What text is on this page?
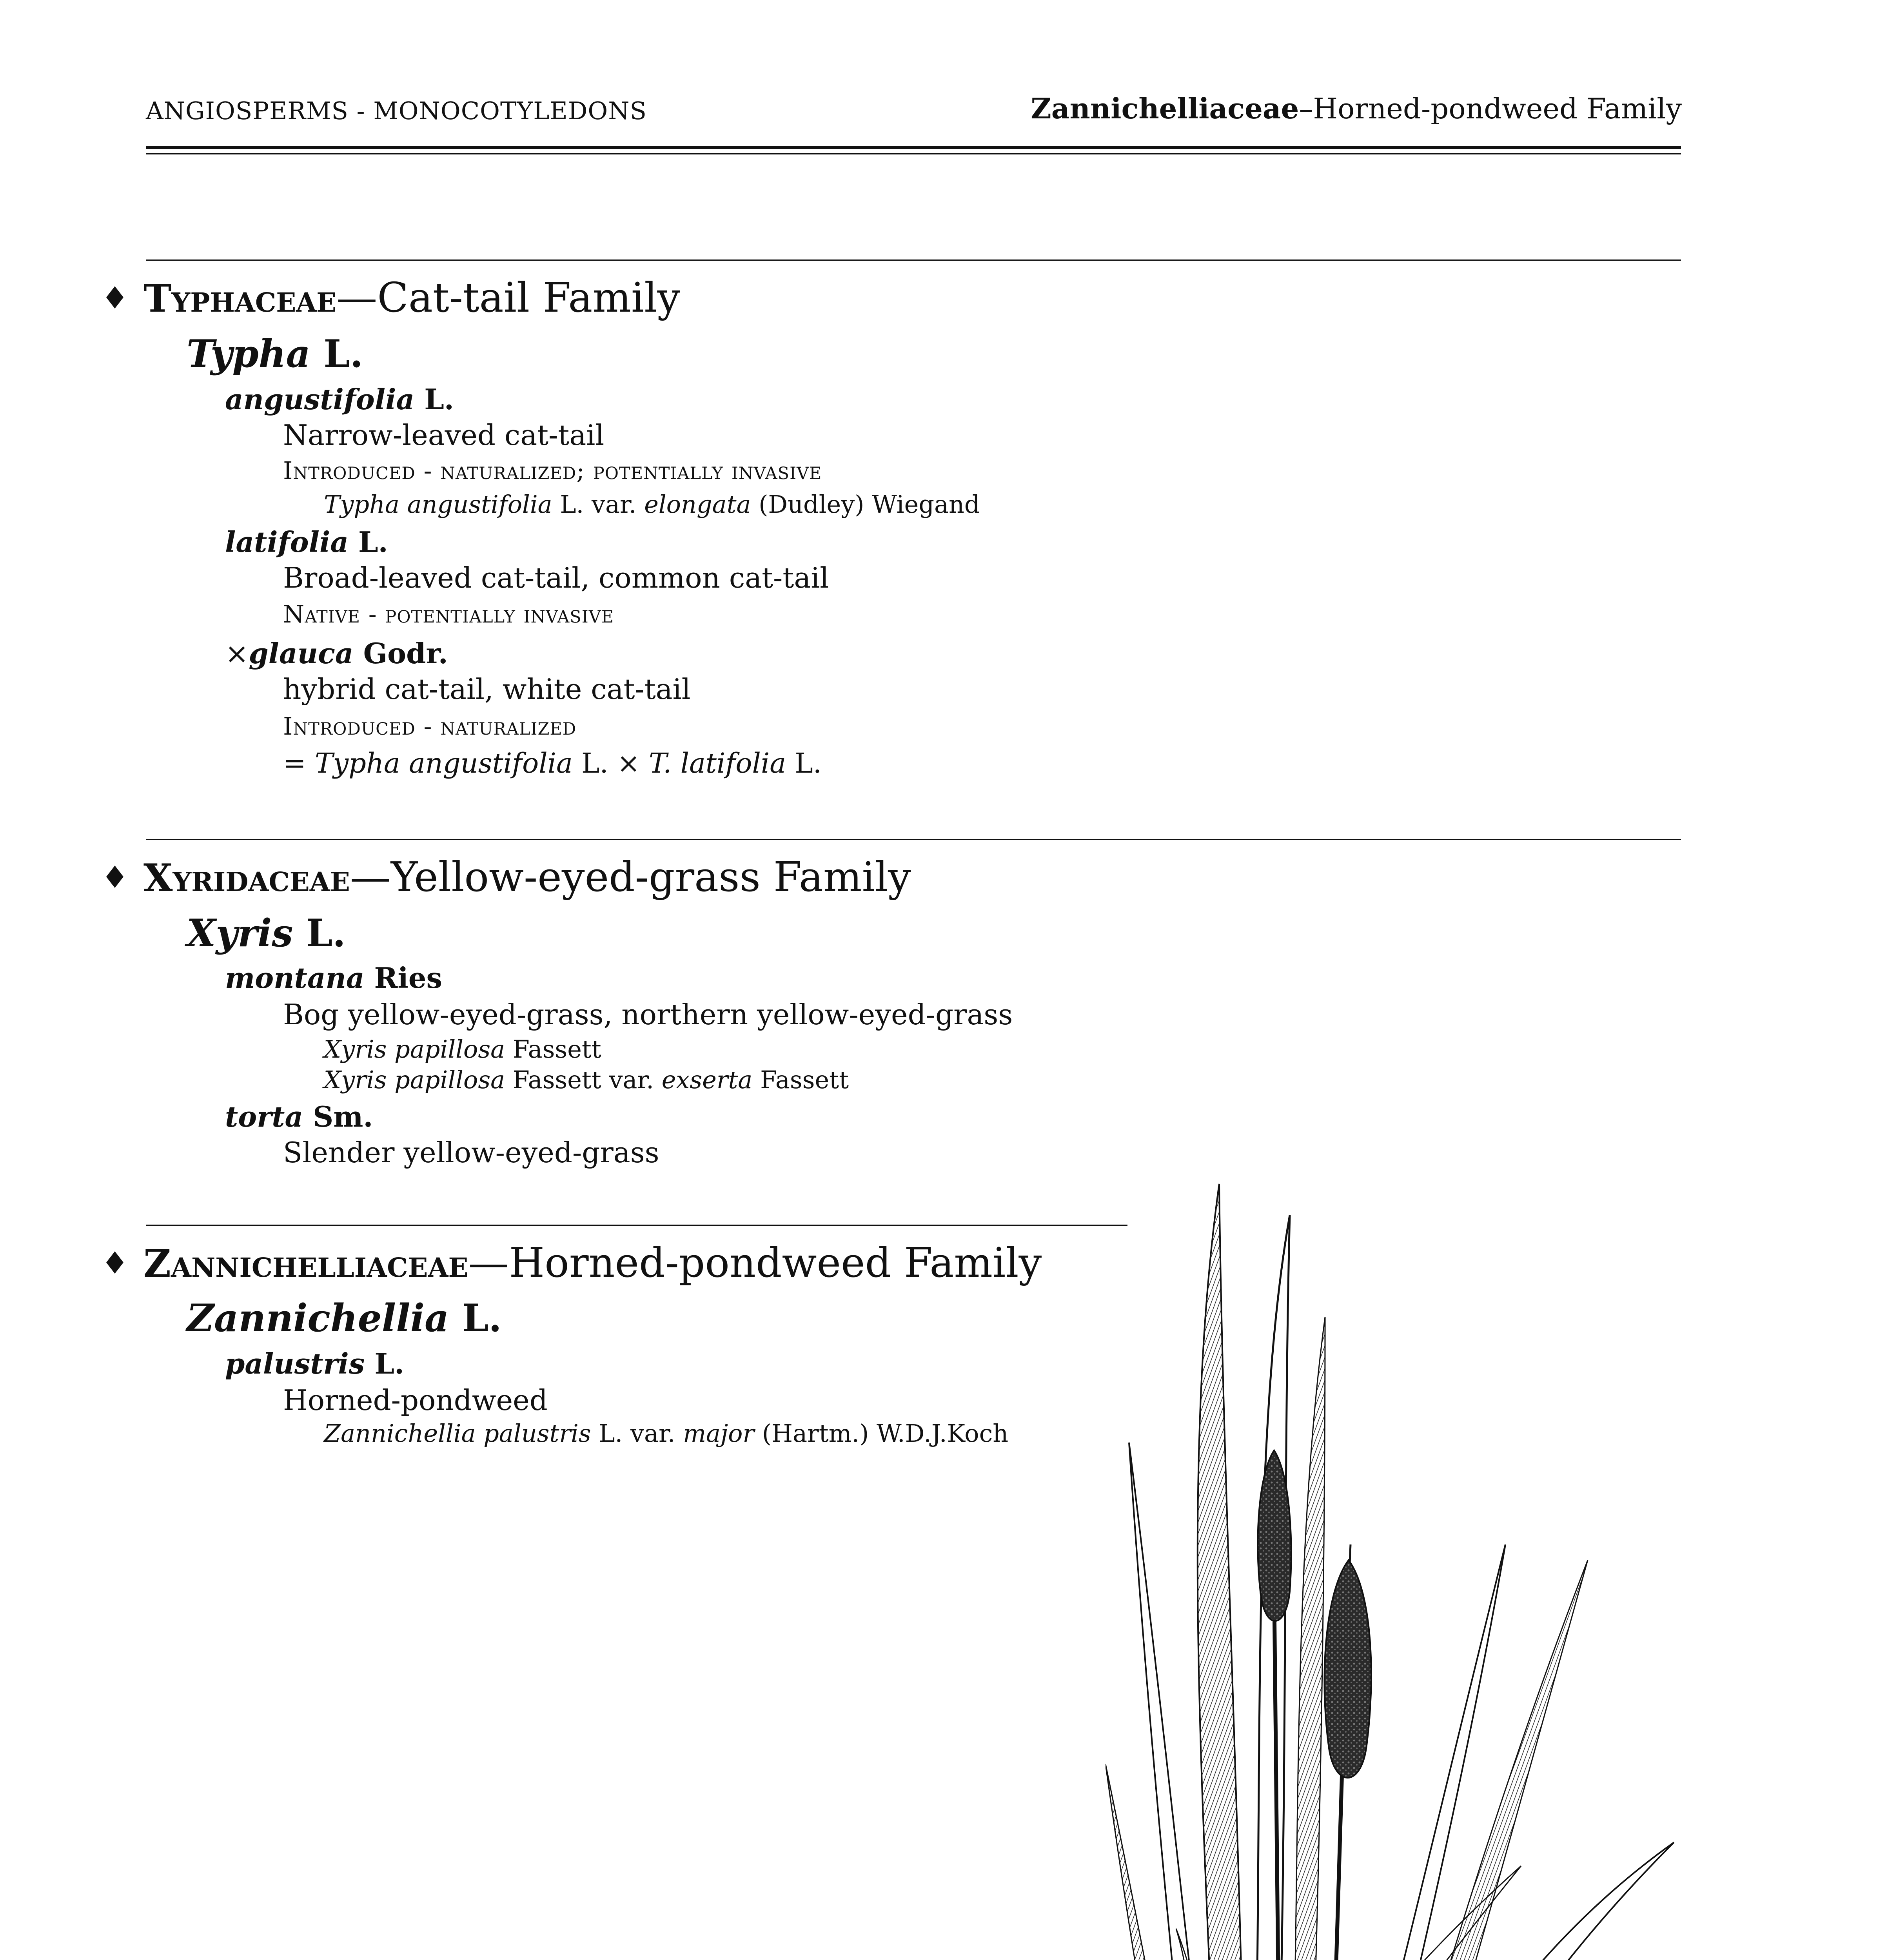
ANGIOSPERMS - MONOCOTYLEDONS	Zannichelliaceae–Horned-pondweed Family
♦ Typhaceae—Cat-tail Family
Typha L.
angustifolia L.
Narrow-leaved cat-tail
Introduced - naturalized; potentially invasive
Typha angustifolia L. var. elongata (Dudley) Wiegand
latifolia L.
Broad-leaved cat-tail, common cat-tail
Native - potentially invasive
×glauca Godr.
hybrid cat-tail, white cat-tail
Introduced - naturalized
= Typha angustifolia L. × T. latifolia L.
♦ Xyridaceae—Yellow-eyed-grass Family
Xyris L.
montana Ries
Bog yellow-eyed-grass, northern yellow-eyed-grass
Xyris papillosa Fassett
Xyris papillosa Fassett var. exserta Fassett
torta Sm.
Slender yellow-eyed-grass
♦ Zannichelliaceae—Horned-pondweed Family
Zannichellia L.
palustris L.
Horned-pondweed
Zannichellia palustris L. var. major (Hartm.) W.D.J.Koch
